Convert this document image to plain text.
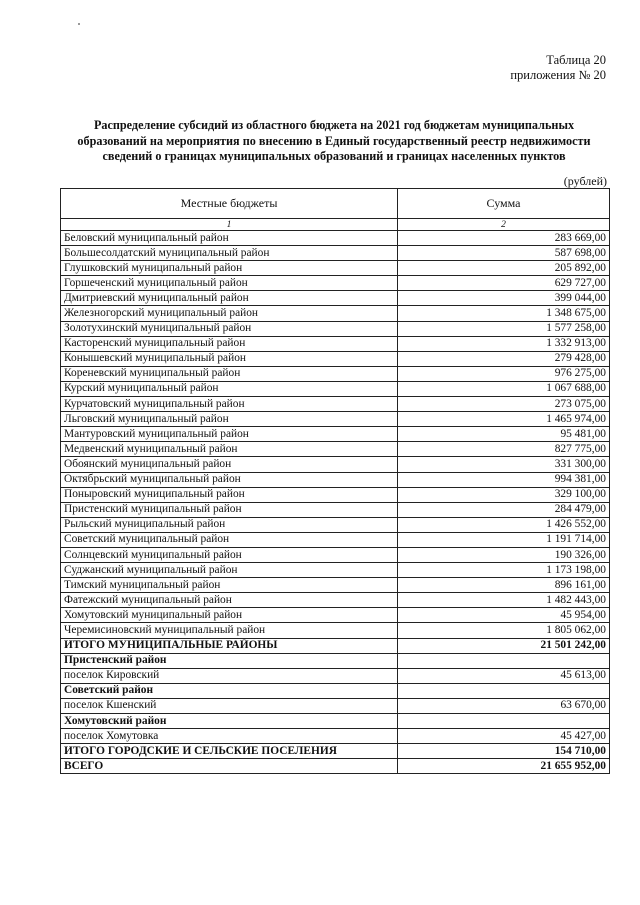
Таблица 20
приложения № 20
Распределение субсидий из областного бюджета на 2021 год бюджетам муниципальных
образований на мероприятия по внесению в Единый государственный реестр недвижимости
сведений о границах муниципальных образований и границах населенных пунктов
(рублей)
Местные бюджеты	Сумма
1	2
Беловский муниципальный район	283 669,00
Большесолдатский муниципальный район	587 698,00
Глушковский муниципальный район	205 892,00
Горшеченский муниципальный район	629 727,00
Дмитриевский муниципальный район	399 044,00
Железногорский муниципальный район	1 348 675,00
Золотухинский муниципальный район	1 577 258,00
Касторенский муниципальный район	1 332 913,00
Конышевский муниципальный район	279 428,00
Кореневский муниципальный район	976 275,00
Курский муниципальный район	1 067 688,00
Курчатовский муниципальный район	273 075,00
Льговский муниципальный район	1 465 974,00
Мантуровский муниципальный район	95 481,00
Медвенский муниципальный район	827 775,00
Обоянский муниципальный район	331 300,00
Октябрьский муниципальный район	994 381,00
Поныровский муниципальный район	329 100,00
Пристенский муниципальный район	284 479,00
Рыльский муниципальный район	1 426 552,00
Советский муниципальный район	1 191 714,00
Солнцевский муниципальный район	190 326,00
Суджанский муниципальный район	1 173 198,00
Тимский муниципальный район	896 161,00
Фатежский муниципальный район	1 482 443,00
Хомутовский муниципальный район	45 954,00
Черемисиновский муниципальный район	1 805 062,00
ИТОГО МУНИЦИПАЛЬНЫЕ РАЙОНЫ	21 501 242,00
Пристенский район	
поселок Кировский	45 613,00
Советский район	
поселок Кшенский	63 670,00
Хомутовский район	
поселок Хомутовка	45 427,00
ИТОГО ГОРОДСКИЕ И СЕЛЬСКИЕ ПОСЕЛЕНИЯ	154 710,00
ВСЕГО	21 655 952,00
